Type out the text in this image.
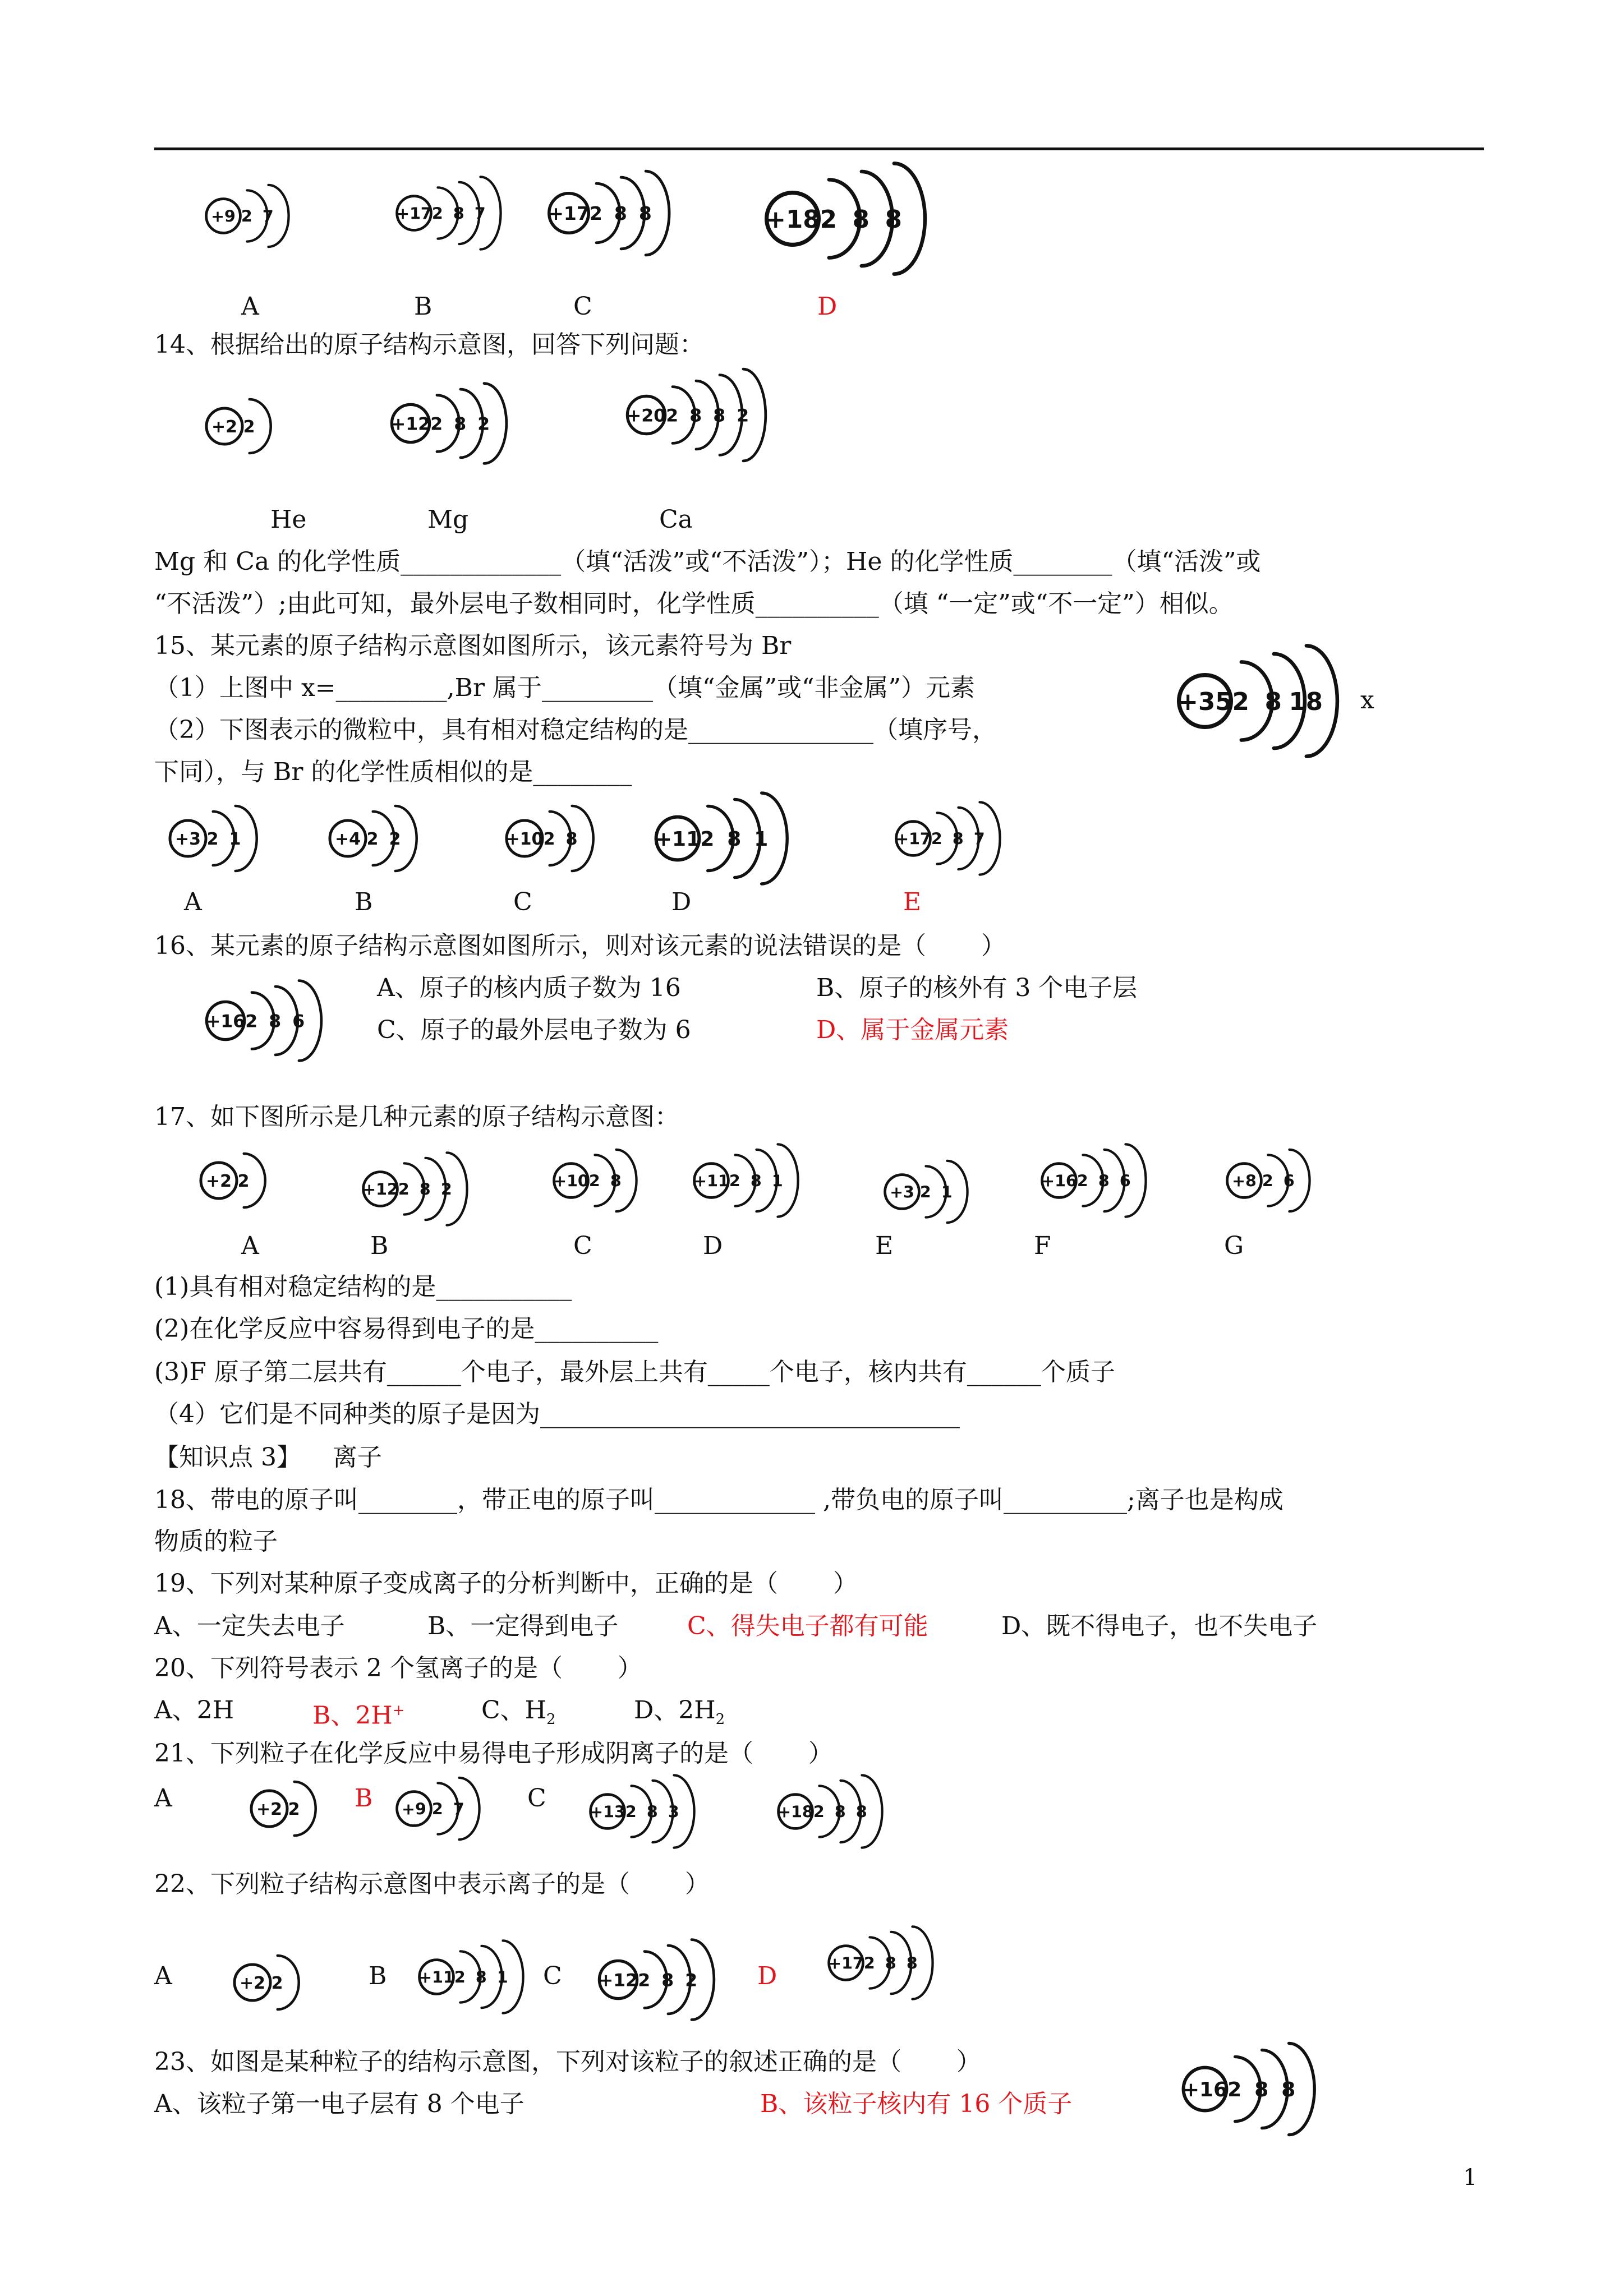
+9 2 7	+17 2 8 7	+17 2 8 8	+18 2 8 8
A	B	C	D
14、根据给出的原子结构示意图，回答下列问题：
+2 2	+12 2 8 2	+20 2 8 8 2
He	Mg	Ca
Mg 和 Ca 的化学性质_____________（填“活泼”或“不活泼”）；He 的化学性质________（填“活泼”或
“不活泼”）;由此可知，最外层电子数相同时，化学性质__________（填 “一定”或“不一定”）相似。
15、某元素的原子结构示意图如图所示，该元素符号为 Br
（1）上图中 x=_________,Br 属于_________（填“金属”或“非金属”）元素
（2）下图表示的微粒中，具有相对稳定结构的是_______________（填序号，
下同），与 Br 的化学性质相似的是________
+35 2 8 18 x
+3 2 1	+4 2 2	+10 2 8	+11 2 8 1	+17 2 8 7
A	B	C	D	E
16、某元素的原子结构示意图如图所示，则对该元素的说法错误的是（       ）
+16 2 8 6
A、原子的核内质子数为 16	B、原子的核外有 3 个电子层
C、原子的最外层电子数为 6	D、属于金属元素
17、如下图所示是几种元素的原子结构示意图：
+2 2	+12 2 8 2	+10 2 8	+11 2 8 1
+3 2 1
+16 2 8 6	+8 2 6
A	B	C	D	E	F	G
(1)具有相对稳定结构的是___________
(2)在化学反应中容易得到电子的是__________
(3)F 原子第二层共有______个电子，最外层上共有_____个电子，核内共有______个质子
（4）它们是不同种类的原子是因为__________________________________
【知识点 3】    离子
18、带电的原子叫________，带正电的原子叫_____________ ,带负电的原子叫__________;离子也是构成
物质的粒子
19、下列对某种原子变成离子的分析判断中，正确的是（       ）
A、一定失去电子	B、一定得到电子	C、得失电子都有可能	D、既不得电子，也不失电子
20、下列符号表示 2 个氢离子的是（       ）
A、2H	B、2H+	C、$H_2$	D、$2H_2$
21、下列粒子在化学反应中易得电子形成阴离子的是（       ）
A	+2 2 B +9 2 7	C	+13 2 8 3	+18 2 8 8
22、下列粒子结构示意图中表示离子的是（       ）
A	+2 2	B +11 2 8 1 C +12 2 8 2 D	+17 2 8 8
23、如图是某种粒子的结构示意图，下列对该粒子的叙述正确的是（       ）
A、该粒子第一电子层有 8 个电子	B、该粒子核内有 16 个质子	+16 2 8 8
1
